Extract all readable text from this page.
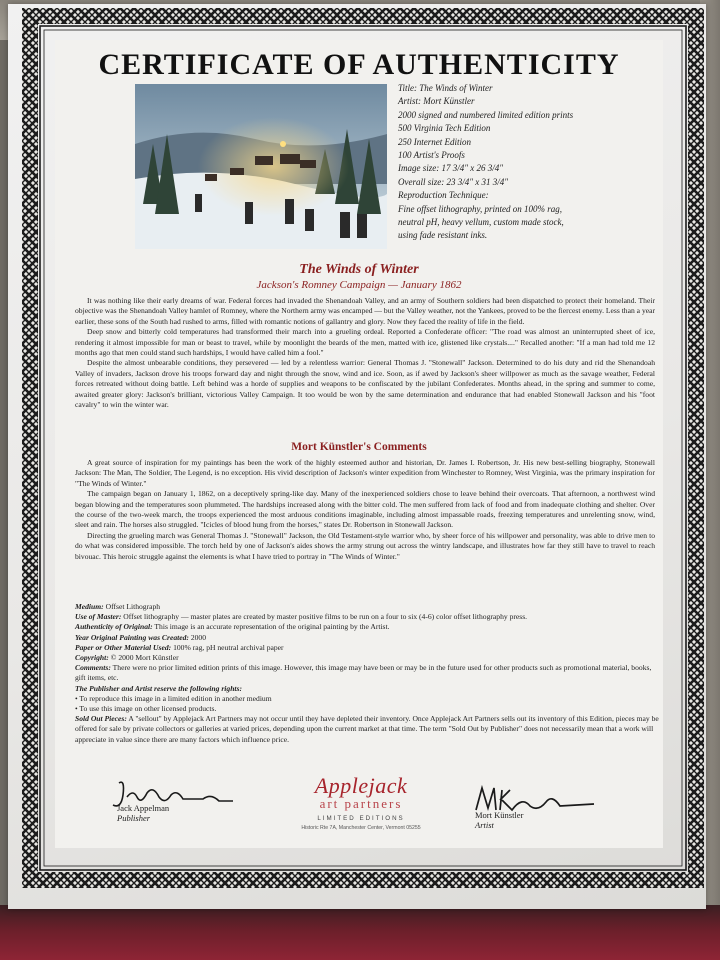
CERTIFICATE OF AUTHENTICITY
Title: The Winds of Winter
Artist: Mort Künstler
2000 signed and numbered limited edition prints
500 Virginia Tech Edition
250 Internet Edition
100 Artist's Proofs
Image size: 17 3/4" x 26 3/4"
Overall size: 23 3/4" x 31 3/4"
Reproduction Technique:
Fine offset lithography, printed on 100% rag,
neutral pH, heavy vellum, custom made stock,
using fade resistant inks.
The Winds of Winter
Jackson's Romney Campaign — January 1862

It was nothing like their early dreams of war. Federal forces had invaded the Shenandoah Valley, and an army of Southern soldiers had been dispatched to protect their homeland. Their objective was the Shenandoah Valley hamlet of Romney, where the Northern army was encamped — but the Valley weather, not the Yankees, proved to be the fiercest enemy. Less than a year earlier, these sons of the South had rushed to arms, filled with romantic notions of gallantry and glory. Now they faced the reality of life in the field.

Deep snow and bitterly cold temperatures had transformed their march into a grueling ordeal. Reported a Confederate officer: "The road was almost an uninterrupted sheet of ice, rendering it almost impossible for man or beast to travel, while by moonlight the beards of the men, matted with ice, glistened like crystals...." Recalled another: "If a man had told me 12 months ago that men could stand such hardships, I would have called him a fool."

Despite the almost unbearable conditions, they persevered — led by a relentless warrior: General Thomas J. "Stonewall" Jackson. Determined to do his duty and rid the Shenandoah Valley of invaders, Jackson drove his troops forward day and night through the snow, wind and ice. Soon, as if awed by Jackson's sheer willpower as much as the savage weather, Federal forces retreated without doing battle. Left behind was a horde of supplies and weapons to be confiscated by the jubilant Confederates. Months ahead, in the spring and summer to come, awaited greater glory: Jackson's brilliant, victorious Valley Campaign. It too would be won by the same determination and endurance that had enabled Stonewall Jackson and his "foot cavalry" to win the winter war.

Mort Künstler's Comments

A great source of inspiration for my paintings has been the work of the highly esteemed author and historian, Dr. James I. Robertson, Jr. His new best-selling biography, Stonewall Jackson: The Man, The Soldier, The Legend, is no exception. His vivid description of Jackson's winter expedition from Winchester to Romney, West Virginia, was the primary inspiration for "The Winds of Winter."

The campaign began on January 1, 1862, on a deceptively spring-like day. Many of the inexperienced soldiers chose to leave behind their overcoats. That afternoon, a northwest wind began blowing and the temperatures soon plummeted. The hardships increased along with the bitter cold. The men suffered from lack of food and from inadequate clothing and shelter. Over the course of the two-week march, the troops experienced the most arduous conditions imaginable, including almost impassable roads, freezing temperatures and unrelenting snow, wind, sleet and rain. The horses also struggled. "Icicles of blood hung from the horses," states Dr. Robertson in Stonewall Jackson.

Directing the grueling march was General Thomas J. "Stonewall" Jackson, the Old Testament-style warrior who, by sheer force of his willpower and personality, was able to drive men to do what was considered impossible. The torch held by one of Jackson's aides shows the army strung out across the wintry landscape, and illustrates how far they still have to travel to reach bivouac. This heroic struggle against the elements is what I have tried to portray in "The Winds of Winter."

Medium: Offset Lithograph
Use of Master: Offset lithography — master plates are created by master positive films to be run on a four to six (4-6) color offset lithography press.
Authenticity of Original: This image is an accurate representation of the original painting by the Artist.
Year Original Painting was Created: 2000
Paper or Other Material Used: 100% rag, pH neutral archival paper
Copyright: © 2000 Mort Künstler
Comments: There were no prior limited edition prints of this image. However, this image may have been or may be in the future used for other products such as promotional material, books, gift items, etc.
The Publisher and Artist reserve the following rights:
• To reproduce this image in a limited edition in another medium
• To use this image on other licensed products.
Sold Out Pieces: A "sellout" by Applejack Art Partners may not occur until they have depleted their inventory. Once Applejack Art Partners sells out its inventory of this Edition, pieces may be offered for sale by private collectors or galleries at varied prices, depending upon the current market at that time. The term "Sold Out by Publisher" does not necessarily mean that a work will appreciate in value since there are many factors which influence price.
Jack Appelman
Publisher
Applejack
art partners
LIMITED EDITIONS
Historic Rte 7A, Manchester Center, Vermont 05255
Mort Künstler
Artist
